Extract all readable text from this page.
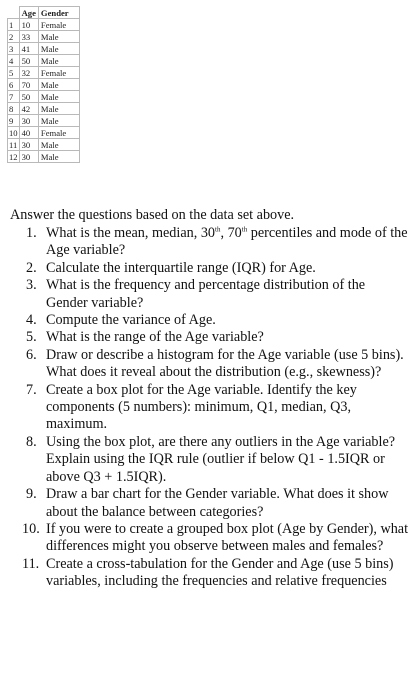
	Age	Gender
1	10	Female
2	33	Male
3	41	Male
4	50	Male
5	32	Female
6	70	Male
7	50	Male
8	42	Male
9	30	Male
10	40	Female
11	30	Male
12	30	Male
Answer the questions based on the data set above.
1. What is the mean, median, 30th, 70th percentiles and mode of the Age variable?
2. Calculate the interquartile range (IQR) for Age.
3. What is the frequency and percentage distribution of the Gender variable?
4. Compute the variance of Age.
5. What is the range of the Age variable?
6. Draw or describe a histogram for the Age variable (use 5 bins). What does it reveal about the distribution (e.g., skewness)?
7. Create a box plot for the Age variable. Identify the key components (5 numbers): minimum, Q1, median, Q3, maximum.
8. Using the box plot, are there any outliers in the Age variable? Explain using the IQR rule (outlier if below Q1 - 1.5IQR or above Q3 + 1.5IQR).
9. Draw a bar chart for the Gender variable. What does it show about the balance between categories?
10. If you were to create a grouped box plot (Age by Gender), what differences might you observe between males and females?
11. Create a cross-tabulation for the Gender and Age (use 5 bins) variables, including the frequencies and relative frequencies
